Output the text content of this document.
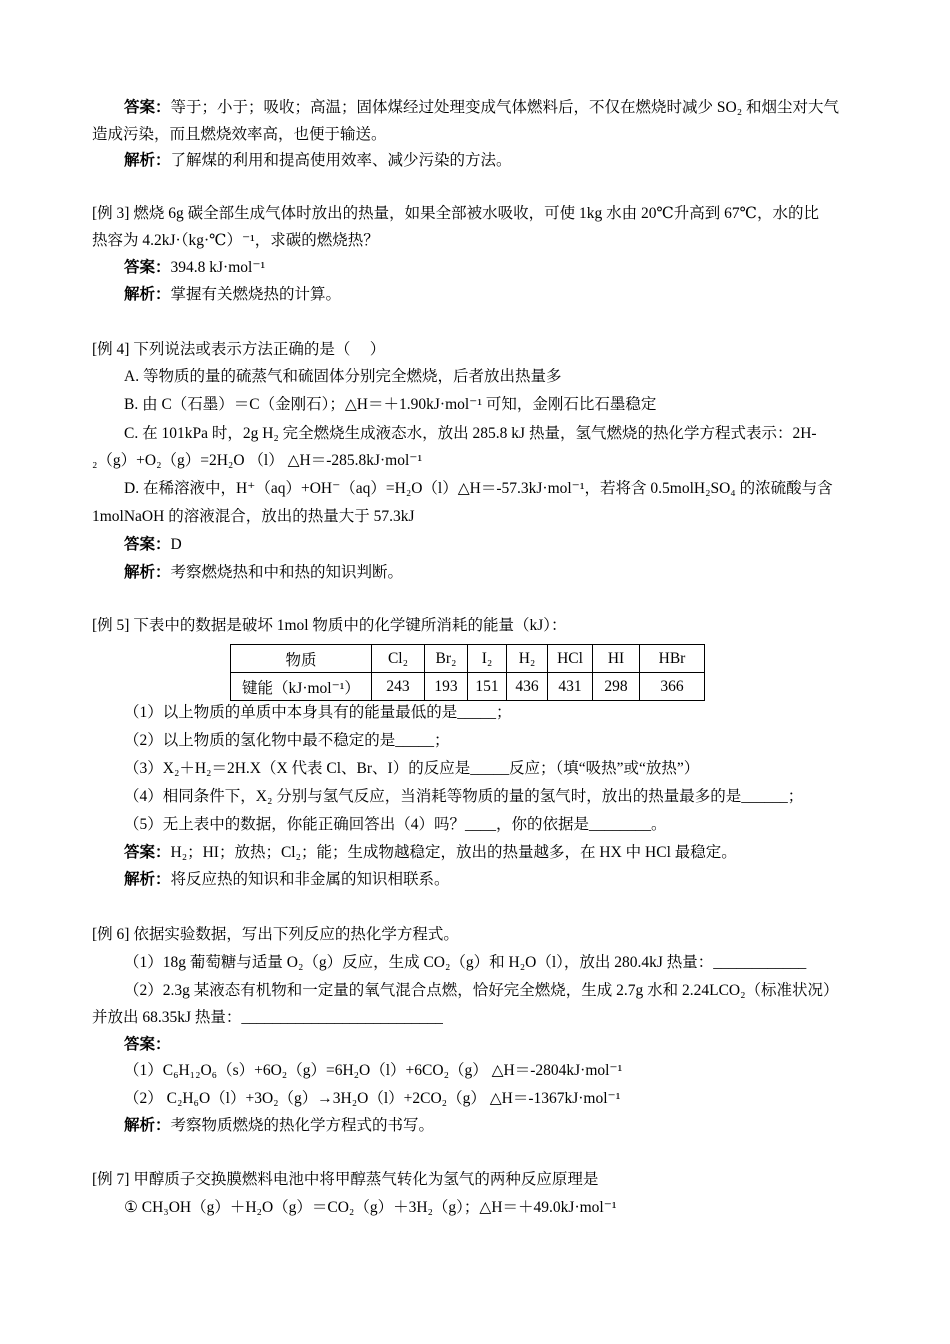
答案：等于；小于；吸收；高温；固体煤经过处理变成气体燃料后，不仅在燃烧时减少 SO₂ 和烟尘对大气
造成污染，而且燃烧效率高，也便于输送。
解析：了解煤的利用和提高使用效率、减少污染的方法。
[例 3] 燃烧 6g 碳全部生成气体时放出的热量，如果全部被水吸收，可使 1kg 水由 20℃升高到 67℃，水的比
热容为 4.2kJ·（kg·℃）⁻¹，求碳的燃烧热？
答案：394.8 kJ·mol⁻¹
解析：掌握有关燃烧热的计算。
[例 4] 下列说法或表示方法正确的是（　 ）
A. 等物质的量的硫蒸气和硫固体分别完全燃烧，后者放出热量多
B. 由 C（石墨）＝C（金刚石）；△H＝＋1.90kJ·mol⁻¹ 可知，金刚石比石墨稳定
C. 在 101kPa 时，2g H₂ 完全燃烧生成液态水，放出 285.8 kJ 热量，氢气燃烧的热化学方程式表示：2H-
₂（g）+O₂（g）=2H₂O （l） △H＝-285.8kJ·mol⁻¹
D. 在稀溶液中，H⁺（aq）+OH⁻（aq）=H₂O（l）△H＝-57.3kJ·mol⁻¹，若将含 0.5molH₂SO₄ 的浓硫酸与含
1molNaOH 的溶液混合，放出的热量大于 57.3kJ
答案：D
解析：考察燃烧热和中和热的知识判断。
[例 5] 下表中的数据是破坏 1mol 物质中的化学键所消耗的能量（kJ）：
物质	Cl₂	Br₂	I₂	H₂	HCl	HI	HBr
键能（kJ·mol⁻¹）	243	193	151	436	431	298	366
（1）以上物质的单质中本身具有的能量最低的是_____；
（2）以上物质的氢化物中最不稳定的是_____；
（3）X₂＋H₂＝2H.X（X 代表 Cl、Br、I）的反应是_____反应；（填“吸热”或“放热”）
（4）相同条件下，X₂ 分别与氢气反应，当消耗等物质的量的氢气时，放出的热量最多的是______；
（5）无上表中的数据，你能正确回答出（4）吗？____，你的依据是________。
答案：H₂；HI；放热；Cl₂；能；生成物越稳定，放出的热量越多，在 HX 中 HCl 最稳定。
解析：将反应热的知识和非金属的知识相联系。
[例 6] 依据实验数据，写出下列反应的热化学方程式。
（1）18g 葡萄糖与适量 O₂（g）反应，生成 CO₂（g）和 H₂O（l），放出 280.4kJ 热量：____________
（2）2.3g 某液态有机物和一定量的氧气混合点燃，恰好完全燃烧，生成 2.7g 水和 2.24LCO₂（标准状况）
并放出 68.35kJ 热量：__________________________
答案：
（1）C₆H₁₂O₆（s）+6O₂（g）=6H₂O（l）+6CO₂（g） △H＝-2804kJ·mol⁻¹
（2） C₂H₆O（l）+3O₂（g）→3H₂O（l）+2CO₂（g） △H＝-1367kJ·mol⁻¹
解析：考察物质燃烧的热化学方程式的书写。
[例 7] 甲醇质子交换膜燃料电池中将甲醇蒸气转化为氢气的两种反应原理是
① CH₃OH（g）＋H₂O（g）＝CO₂（g）＋3H₂（g）；△H＝＋49.0kJ·mol⁻¹
